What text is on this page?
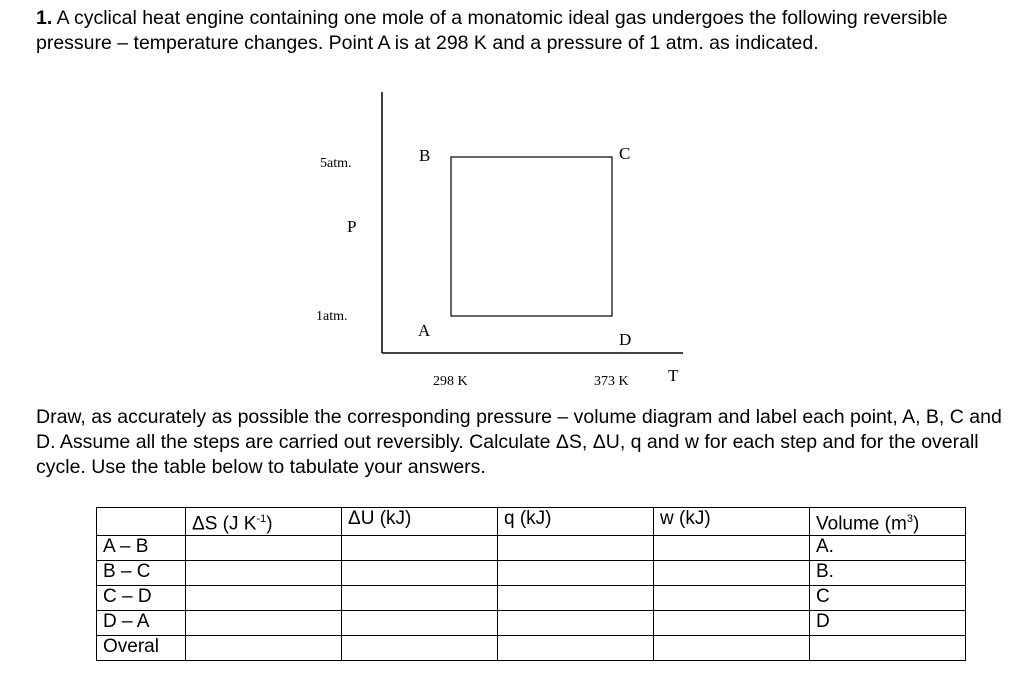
1. A cyclical heat engine containing one mole of a monatomic ideal gas undergoes the following reversible pressure – temperature changes. Point A is at 298 K and a pressure of 1 atm. as indicated.

5atm.
P
1atm.
B	C
A	D
298 K	373 K T

Draw, as accurately as possible the corresponding pressure – volume diagram and label each point, A, B, C and D. Assume all the steps are carried out reversibly. Calculate ΔS, ΔU, q and w for each step and for the overall cycle. Use the table below to tabulate your answers.

	ΔS (J $K^{-1}$)	ΔU (kJ)	q (kJ)	w (kJ)	Volume $(m^3)$
A – B					A.
B – C					B.
C – D					C
D – A					D
Overal					
